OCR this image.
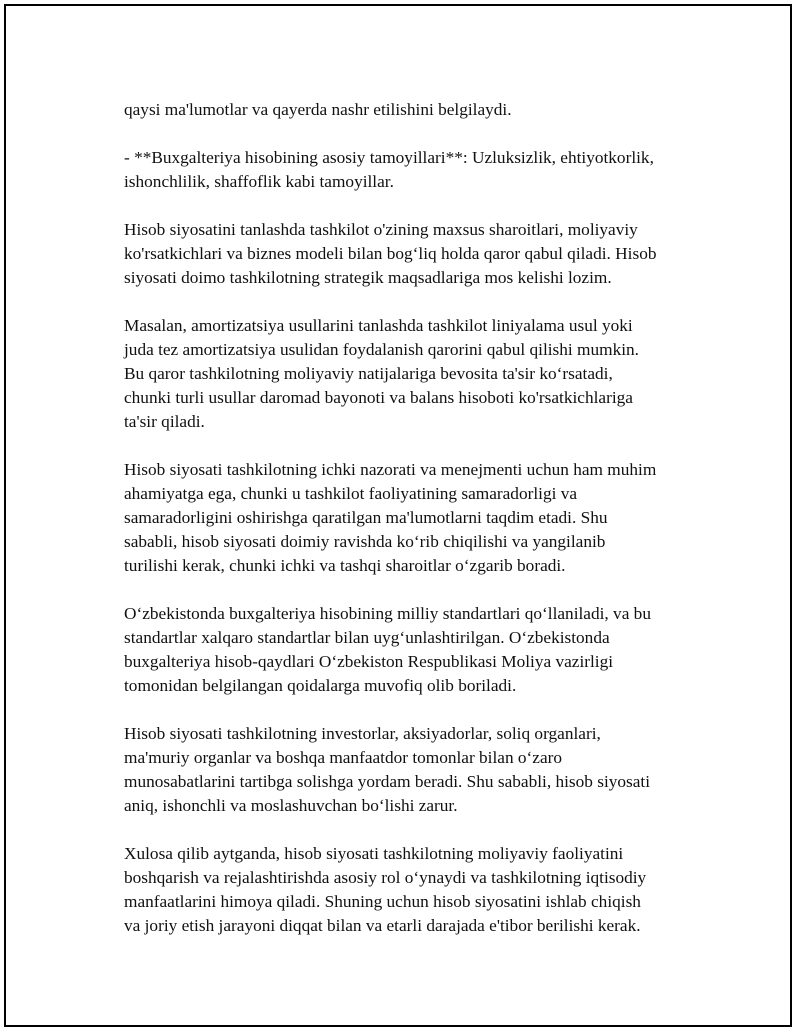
qaysi ma'lumotlar va qayerda nashr etilishini belgilaydi.

- **Buxgalteriya hisobining asosiy tamoyillari**: Uzluksizlik, ehtiyotkorlik,
ishonchlilik, shaffoflik kabi tamoyillar.

Hisob siyosatini tanlashda tashkilot o'zining maxsus sharoitlari, moliyaviy
ko'rsatkichlari va biznes modeli bilan bog‘liq holda qaror qabul qiladi. Hisob
siyosati doimo tashkilotning strategik maqsadlariga mos kelishi lozim.

Masalan, amortizatsiya usullarini tanlashda tashkilot liniyalama usul yoki
juda tez amortizatsiya usulidan foydalanish qarorini qabul qilishi mumkin.
Bu qaror tashkilotning moliyaviy natijalariga bevosita ta'sir ko‘rsatadi,
chunki turli usullar daromad bayonoti va balans hisoboti ko'rsatkichlariga
ta'sir qiladi.

Hisob siyosati tashkilotning ichki nazorati va menejmenti uchun ham muhim
ahamiyatga ega, chunki u tashkilot faoliyatining samaradorligi va
samaradorligini oshirishga qaratilgan ma'lumotlarni taqdim etadi. Shu
sababli, hisob siyosati doimiy ravishda ko‘rib chiqilishi va yangilanib
turilishi kerak, chunki ichki va tashqi sharoitlar o‘zgarib boradi.

O‘zbekistonda buxgalteriya hisobining milliy standartlari qo‘llaniladi, va bu
standartlar xalqaro standartlar bilan uyg‘unlashtirilgan. O‘zbekistonda
buxgalteriya hisob-qaydlari O‘zbekiston Respublikasi Moliya vazirligi
tomonidan belgilangan qoidalarga muvofiq olib boriladi.

Hisob siyosati tashkilotning investorlar, aksiyadorlar, soliq organlari,
ma'muriy organlar va boshqa manfaatdor tomonlar bilan o‘zaro
munosabatlarini tartibga solishga yordam beradi. Shu sababli, hisob siyosati
aniq, ishonchli va moslashuvchan bo‘lishi zarur.

Xulosa qilib aytganda, hisob siyosati tashkilotning moliyaviy faoliyatini
boshqarish va rejalashtirishda asosiy rol o‘ynaydi va tashkilotning iqtisodiy
manfaatlarini himoya qiladi. Shuning uchun hisob siyosatini ishlab chiqish
va joriy etish jarayoni diqqat bilan va etarli darajada e'tibor berilishi kerak.
